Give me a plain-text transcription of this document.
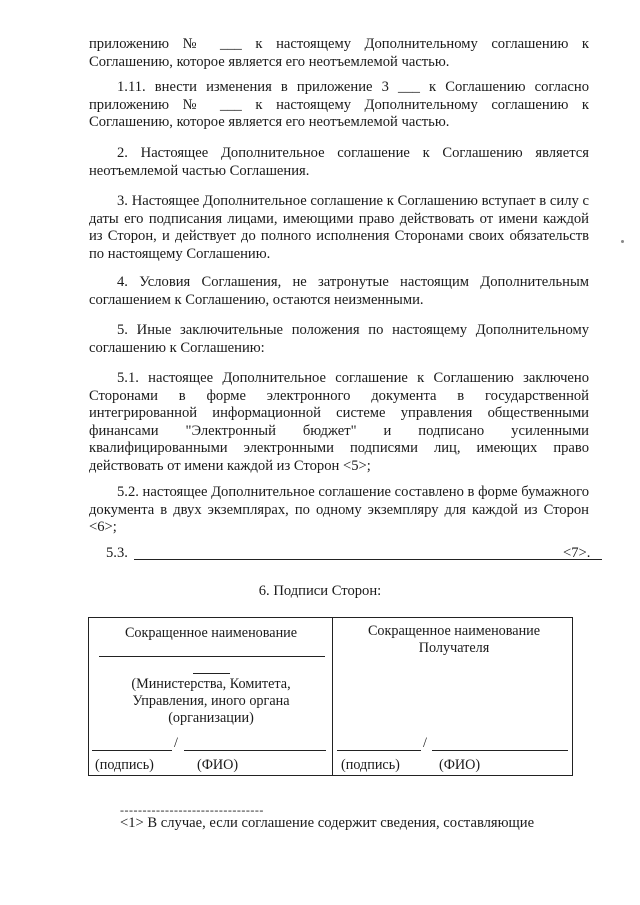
приложению № ___ к настоящему Дополнительному соглашению к Соглашению, которое является его неотъемлемой частью.

1.11. внести изменения в приложение 3 ___ к Соглашению согласно приложению № ___ к настоящему Дополнительному соглашению к Соглашению, которое является его неотъемлемой частью.

2. Настоящее Дополнительное соглашение к Соглашению является неотъемлемой частью Соглашения.

3. Настоящее Дополнительное соглашение к Соглашению вступает в силу с даты его подписания лицами, имеющими право действовать от имени каждой из Сторон, и действует до полного исполнения Сторонами своих обязательств по настоящему Соглашению.

4. Условия Соглашения, не затронутые настоящим Дополнительным соглашением к Соглашению, остаются неизменными.

5. Иные заключительные положения по настоящему Дополнительному соглашению к Соглашению:

5.1. настоящее Дополнительное соглашение к Соглашению заключено Сторонами в форме электронного документа в государственной интегрированной информационной системе управления общественными финансами "Электронный бюджет" и подписано усиленными квалифицированными электронными подписями лиц, имеющих право действовать от имени каждой из Сторон <5>;

5.2. настоящее Дополнительное соглашение составлено в форме бумажного документа в двух экземплярах, по одному экземпляру для каждой из Сторон <6>;

5.3.	<7>.
6. Подписи Сторон:
Сокращенное наименование
(Министерства, Комитета, Управления, иного органа (организации)
/
(подпись)	(ФИО)
Сокращенное наименование Получателя
/
(подпись)	(ФИО)
--------------------------------

<1> В случае, если соглашение содержит сведения, составляющие
